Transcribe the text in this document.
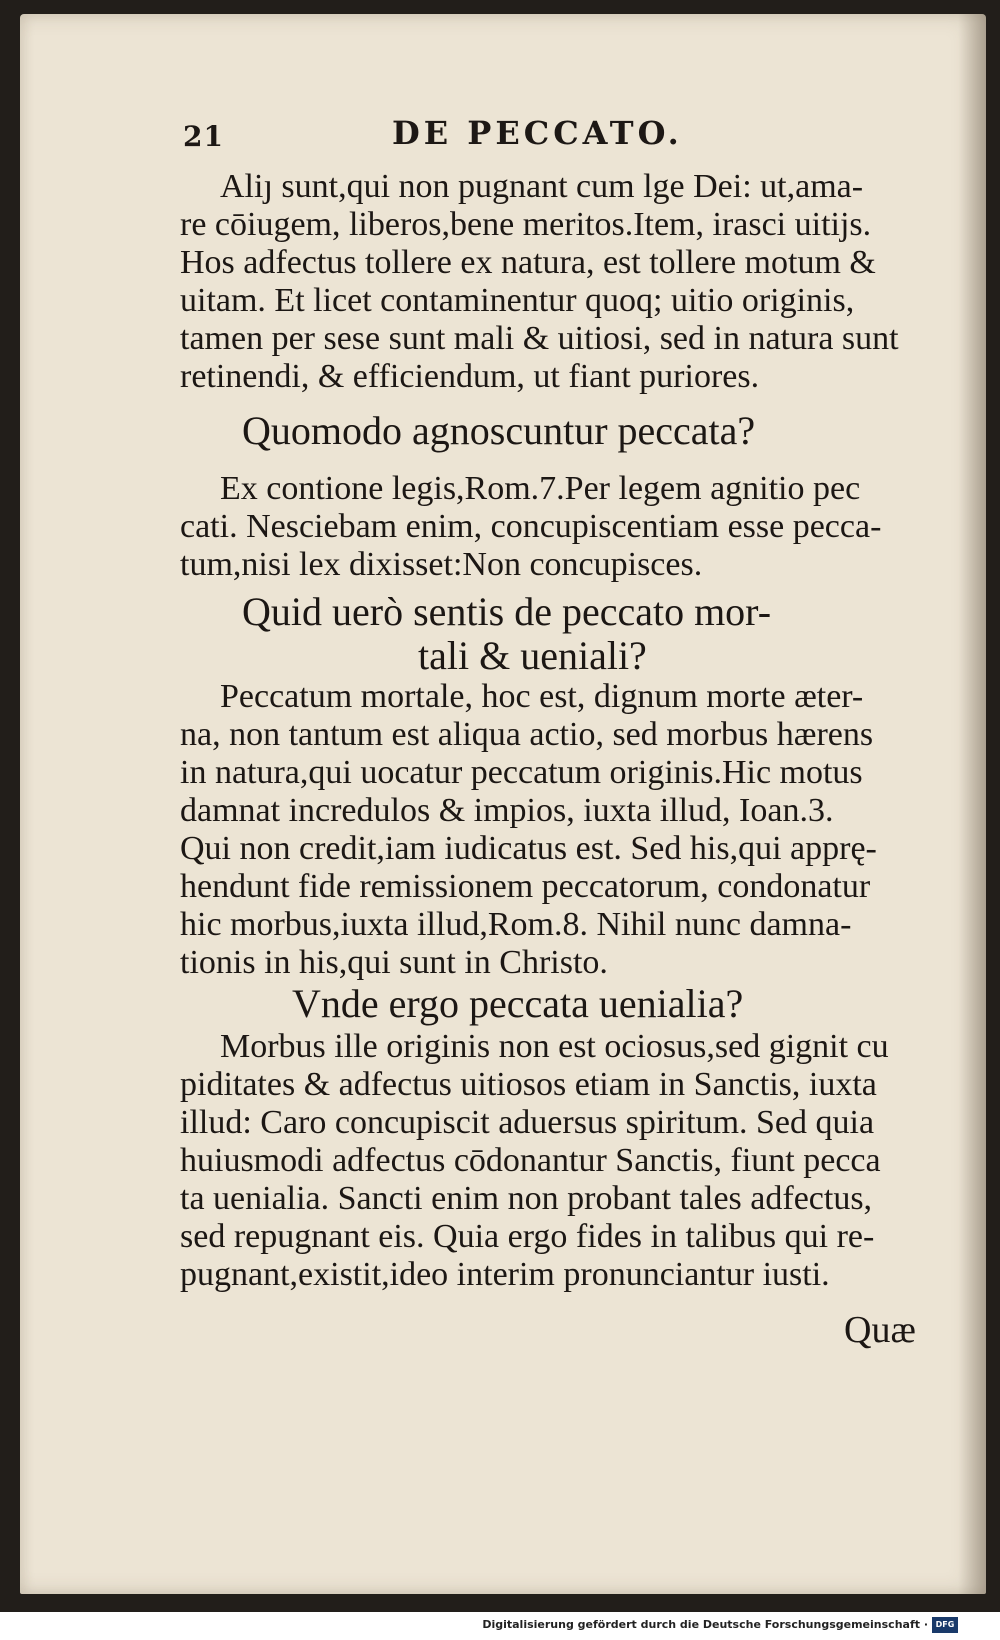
21	DE PECCATO.
Aliȷ sunt,qui non pugnant cum lge Dei: ut,ama-
re cōiugem, liberos,bene meritos.Item, irasci uitijs.
Hos adfectus tollere ex natura, est tollere motum &
uitam. Et licet contaminentur quoq; uitio originis,
tamen per sese sunt mali & uitiosi, sed in natura sunt
retinendi, & efficiendum, ut fiant puriores.
Quomodo agnoscuntur peccata?
Ex contione legis,Rom.7.Per legem agnitio pec
cati. Nesciebam enim, concupiscentiam esse pecca-
tum,nisi lex dixisset:Non concupisces.
Quid uerò sentis de peccato mor-
tali & ueniali?
Peccatum mortale, hoc est, dignum morte æter-
na, non tantum est aliqua actio, sed morbus hærens
in natura,qui uocatur peccatum originis.Hic motus
damnat incredulos & impios, iuxta illud, Ioan.3.
Qui non credit,iam iudicatus est. Sed his,qui apprę-
hendunt fide remissionem peccatorum, condonatur
hic morbus,iuxta illud,Rom.8. Nihil nunc damna-
tionis in his,qui sunt in Christo.
Vnde ergo peccata uenialia?
Morbus ille originis non est ociosus,sed gignit cu
piditates & adfectus uitiosos etiam in Sanctis, iuxta
illud: Caro concupiscit aduersus spiritum. Sed quia
huiusmodi adfectus cōdonantur Sanctis, fiunt pecca
ta uenialia. Sancti enim non probant tales adfectus,
sed repugnant eis. Quia ergo fides in talibus qui re-
pugnant,existit,ideo interim pronunciantur iusti.
Quæ
Digitalisierung gefördert durch die Deutsche Forschungsgemeinschaft · DFG
